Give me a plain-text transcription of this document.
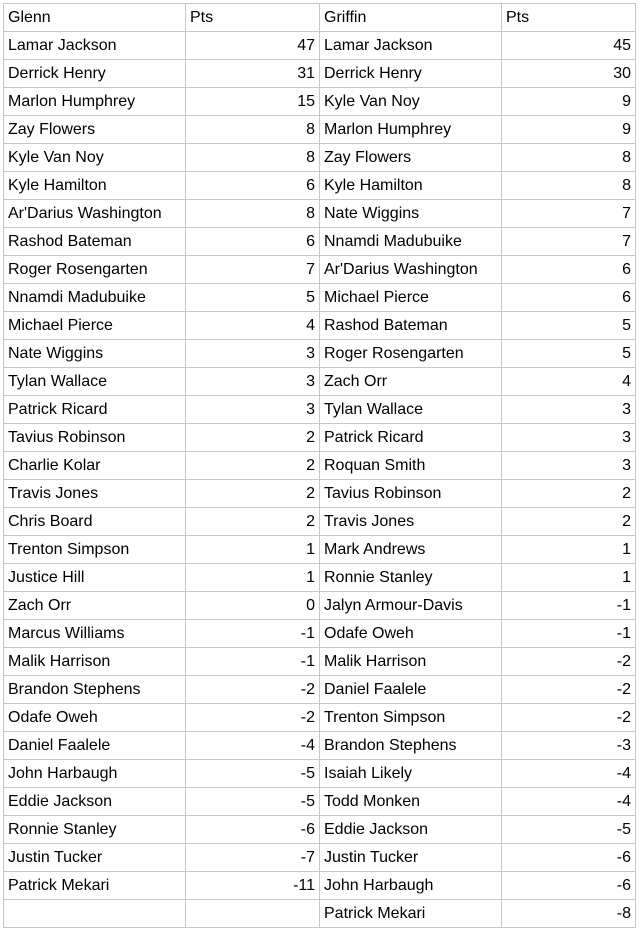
Glenn	Pts	Griffin	Pts
Lamar Jackson	47	Lamar Jackson	45
Derrick Henry	31	Derrick Henry	30
Marlon Humphrey	15	Kyle Van Noy	9
Zay Flowers	8	Marlon Humphrey	9
Kyle Van Noy	8	Zay Flowers	8
Kyle Hamilton	6	Kyle Hamilton	8
Ar'Darius Washington	8	Nate Wiggins	7
Rashod Bateman	6	Nnamdi Madubuike	7
Roger Rosengarten	7	Ar'Darius Washington	6
Nnamdi Madubuike	5	Michael Pierce	6
Michael Pierce	4	Rashod Bateman	5
Nate Wiggins	3	Roger Rosengarten	5
Tylan Wallace	3	Zach Orr	4
Patrick Ricard	3	Tylan Wallace	3
Tavius Robinson	2	Patrick Ricard	3
Charlie Kolar	2	Roquan Smith	3
Travis Jones	2	Tavius Robinson	2
Chris Board	2	Travis Jones	2
Trenton Simpson	1	Mark Andrews	1
Justice Hill	1	Ronnie Stanley	1
Zach Orr	0	Jalyn Armour-Davis	-1
Marcus Williams	-1	Odafe Oweh	-1
Malik Harrison	-1	Malik Harrison	-2
Brandon Stephens	-2	Daniel Faalele	-2
Odafe Oweh	-2	Trenton Simpson	-2
Daniel Faalele	-4	Brandon Stephens	-3
John Harbaugh	-5	Isaiah Likely	-4
Eddie Jackson	-5	Todd Monken	-4
Ronnie Stanley	-6	Eddie Jackson	-5
Justin Tucker	-7	Justin Tucker	-6
Patrick Mekari	-11	John Harbaugh	-6
		Patrick Mekari	-8
